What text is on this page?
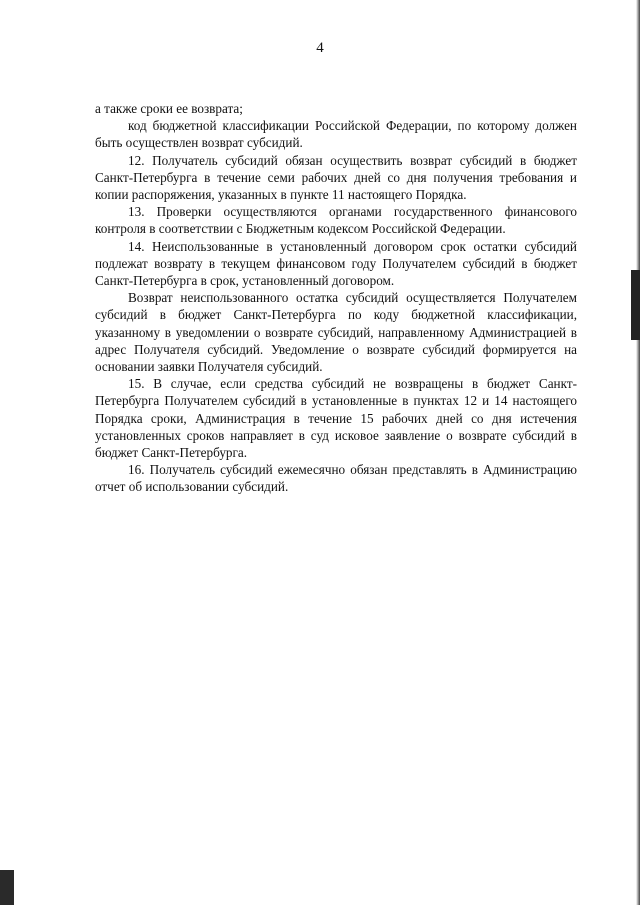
4

а также сроки ее возврата;

код бюджетной классификации Российской Федерации, по которому должен быть осуществлен возврат субсидий.

12. Получатель субсидий обязан осуществить возврат субсидий в бюджет Санкт-Петербурга в течение семи рабочих дней со дня получения требования и копии распоряжения, указанных в пункте 11 настоящего Порядка.

13. Проверки осуществляются органами государственного финансового контроля в соответствии с Бюджетным кодексом Российской Федерации.

14. Неиспользованные в установленный договором срок остатки субсидий подлежат возврату в текущем финансовом году Получателем субсидий в бюджет Санкт-Петербурга в срок, установленный договором.

Возврат неиспользованного остатка субсидий осуществляется Получателем субсидий в бюджет Санкт-Петербурга по коду бюджетной классификации, указанному в уведомлении о возврате субсидий, направленному Администрацией в адрес Получателя субсидий. Уведомление о возврате субсидий формируется на основании заявки Получателя субсидий.

15. В случае, если средства субсидий не возвращены в бюджет Санкт-Петербурга Получателем субсидий в установленные в пунктах 12 и 14 настоящего Порядка сроки, Администрация в течение 15 рабочих дней со дня истечения установленных сроков направляет в суд исковое заявление о возврате субсидий в бюджет Санкт-Петербурга.

16. Получатель субсидий ежемесячно обязан представлять в Администрацию отчет об использовании субсидий.
